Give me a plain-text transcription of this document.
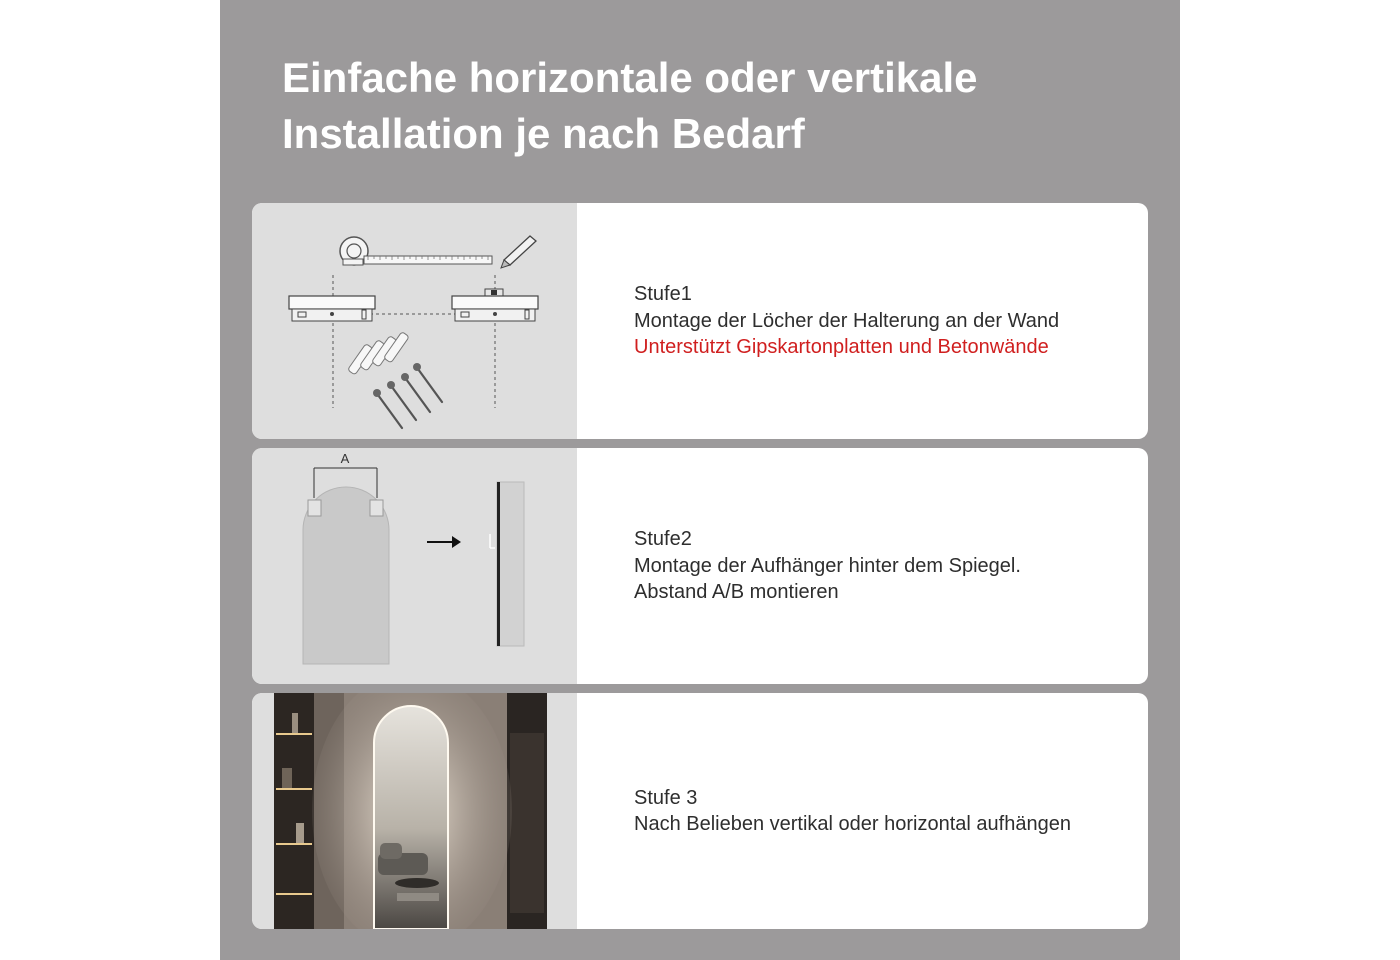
Einfache horizontale oder vertikale
Installation je nach Bedarf
Stufe1
Montage der Löcher der Halterung an der Wand
Unterstützt Gipskartonplatten und Betonwände
A
Stufe2
Montage der Aufhänger hinter dem Spiegel.
Abstand A/B montieren
Stufe 3
Nach Belieben vertikal oder horizontal aufhängen
